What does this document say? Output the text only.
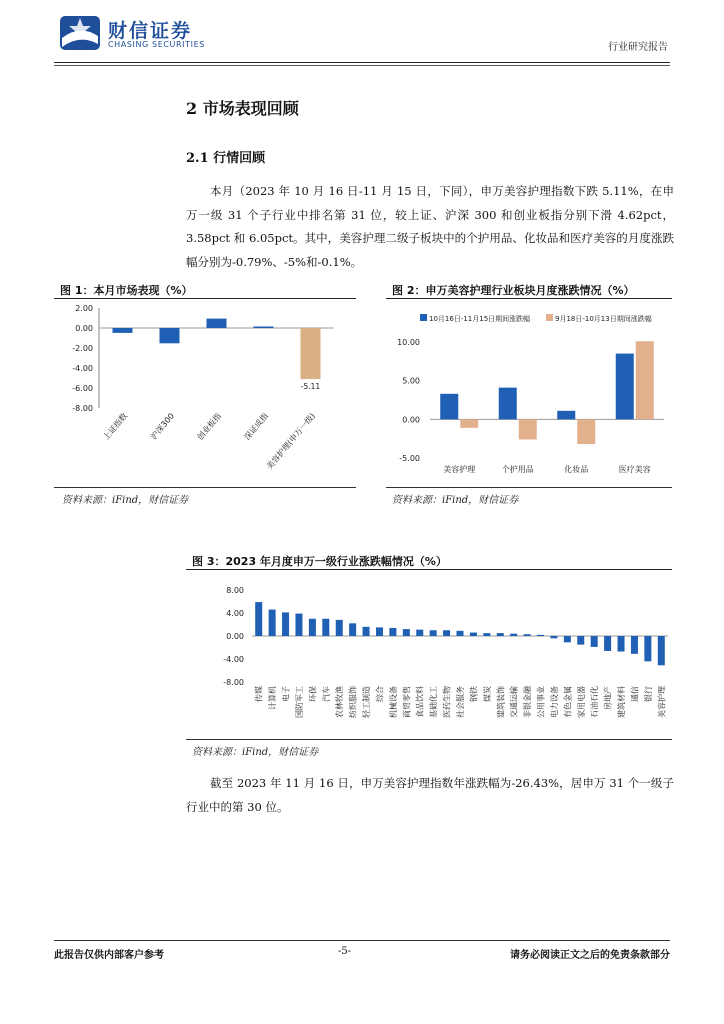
财信证券
CHASING SECURITIES	行业研究报告
2 市场表现回顾
2.1 行情回顾

本月（2023 年 10 月 16 日-11 月 15 日，下同），申万美容护理指数下跌 5.11%，在申万一级 31 个子行业中排名第 31 位，较上证、沪深 300 和创业板指分别下滑 4.62pct，3.58pct 和 6.05pct。其中，美容护理二级子板块中的个护用品、化妆品和医疗美容的月度涨跌幅分别为-0.79%、-5%和-0.1%。

图 1：本月市场表现（%）
2.00
0.00
-2.00
-4.00
-6.00
-8.00
上证指数 沪深300 创业板指 深证成指
美容护理(申万一级)
-5.11
资料来源：iFind，财信证券
图 2：申万美容护理行业板块月度涨跌情况（%）
10月16日-11月15日期间涨跌幅	9月18日-10月13日期间涨跌幅
10.00
5.00
0.00
-5.00
美容护理	个护用品	化妆品	医疗美容
资料来源：iFind，财信证券
图 3：2023 年月度申万一级行业涨跌幅情况（%）
8.00
4.00
0.00
-4.00
-8.00
传媒 计算机 电子 国防军工 环保 汽车 农林牧渔 纺织服饰 轻工制造 综合 机械设备 商贸零售 食品饮料 基础化工 医药生物 社会服务 钢铁 煤炭 建筑装饰 交通运输 非银金融 公用事业 电力设备 有色金属 家用电器 石油石化 房地产 建筑材料 通信 银行 美容护理
资料来源：iFind，财信证券

截至 2023 年 11 月 16 日，申万美容护理指数年涨跌幅为-26.43%，居申万 31 个一级子行业中的第 30 位。

此报告仅供内部客户参考	-5-	请务必阅读正文之后的免责条款部分
